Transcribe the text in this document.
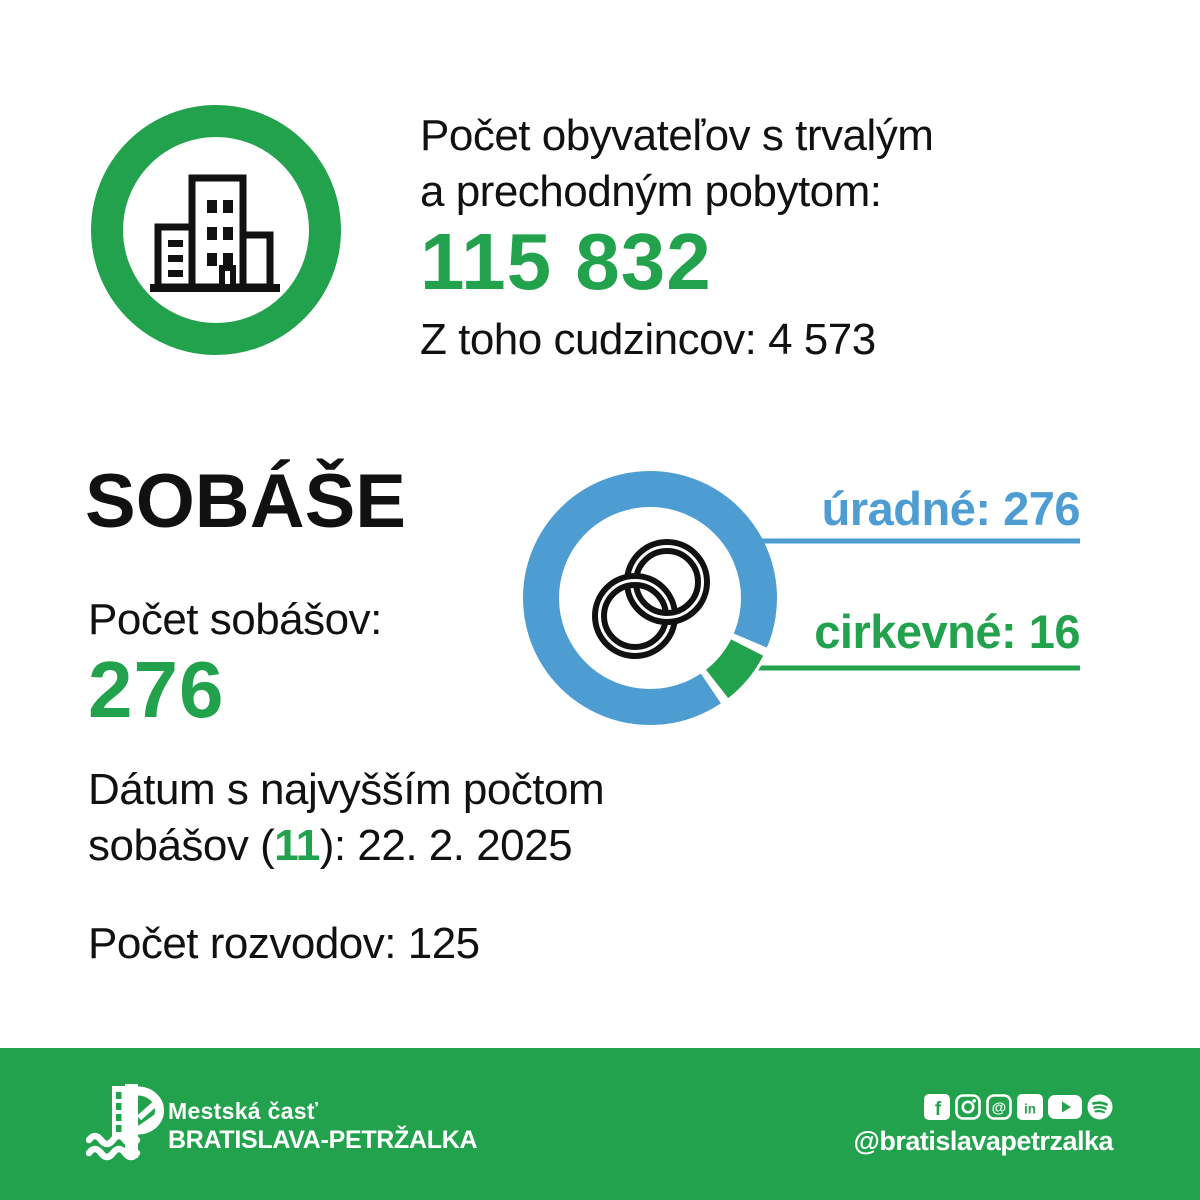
Počet obyvateľov s trvalým
a prechodným pobytom:
115 832
Z toho cudzincov: 4 573
SOBÁŠE
Počet sobášov:
276
úradné: 276
cirkevné: 16
Dátum s najvyšším počtom
sobášov (11): 22. 2. 2025
Počet rozvodov: 125
Mestská časť
BRATISLAVA-PETRŽALKA
f	@ in
@bratislavapetrzalka
